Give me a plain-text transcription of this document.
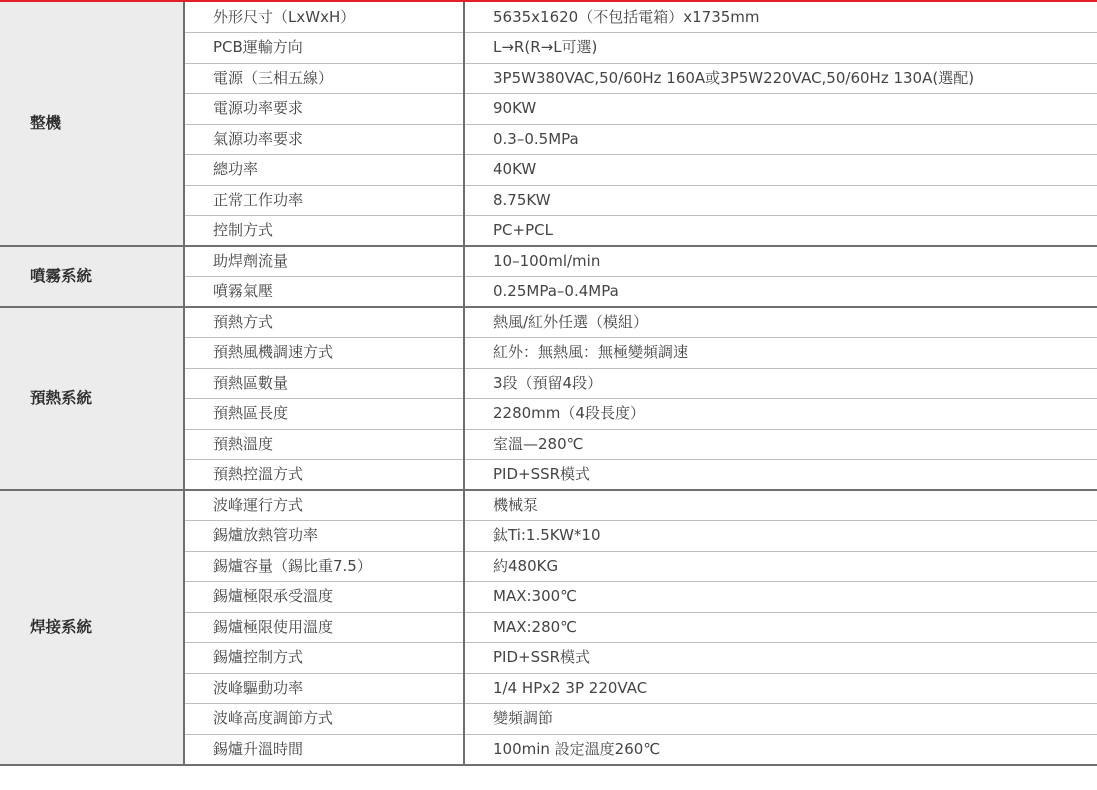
整機	外形尺寸（LxWxH）	5635x1620（不包括電箱）x1735mm
	PCB運輸方向	L→R(R→L可選)
	電源（三相五線）	3P5W380VAC,50/60Hz 160A或3P5W220VAC,50/60Hz 130A(選配)
	電源功率要求	90KW
	氣源功率要求	0.3–0.5MPa
	總功率	40KW
	正常工作功率	8.75KW
	控制方式	PC+PCL
噴霧系統	助焊劑流量	10–100ml/min
	噴霧氣壓	0.25MPa–0.4MPa
預熱系統	預熱方式	熱風/紅外任選（模組）
	預熱風機調速方式	紅外：無熱風：無極變頻調速
	預熱區數量	3段（預留4段）
	預熱區長度	2280mm（4段長度）
	預熱溫度	室溫—280℃
	預熱控溫方式	PID+SSR模式
焊接系統	波峰運行方式	機械泵
	錫爐放熱管功率	鈦Ti:1.5KW*10
	錫爐容量（錫比重7.5）	約480KG
	錫爐極限承受溫度	MAX:300℃
	錫爐極限使用溫度	MAX:280℃
	錫爐控制方式	PID+SSR模式
	波峰驅動功率	1/4 HPx2 3P 220VAC
	波峰高度調節方式	變頻調節
	錫爐升溫時間	100min 設定溫度260℃
